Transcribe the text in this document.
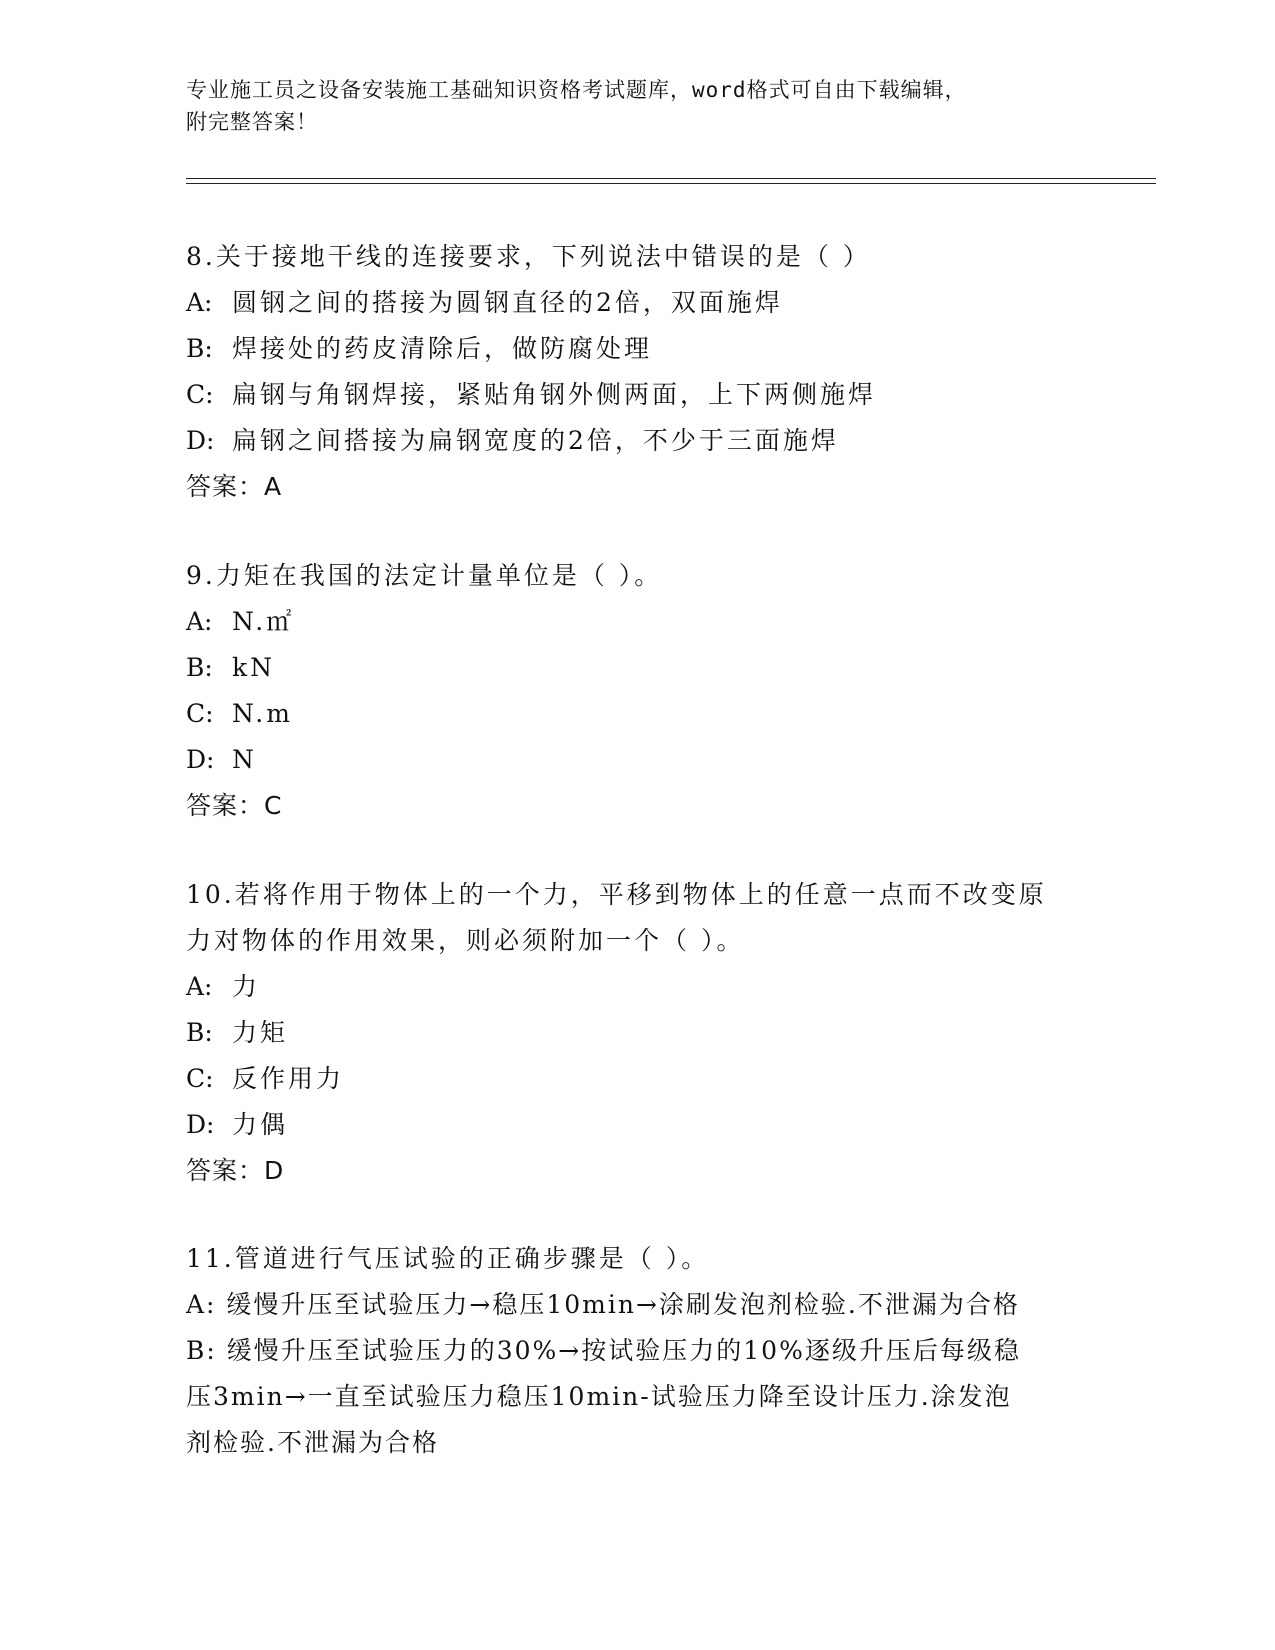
专业施工员之设备安装施工基础知识资格考试题库，word格式可自由下载编辑，
附完整答案！
8.关于接地干线的连接要求，下列说法中错误的是（ ）
A: 圆钢之间的搭接为圆钢直径的2倍，双面施焊
B: 焊接处的药皮清除后，做防腐处理
C: 扁钢与角钢焊接，紧贴角钢外侧两面，上下两侧施焊
D: 扁钢之间搭接为扁钢宽度的2倍，不少于三面施焊
答案：A
9.力矩在我国的法定计量单位是（ ）。
A: N.㎡
B: kN
C: N.m
D: N
答案：C
10.若将作用于物体上的一个力，平移到物体上的任意一点而不改变原
力对物体的作用效果，则必须附加一个（ ）。
A: 力
B: 力矩
C: 反作用力
D: 力偶
答案：D
11.管道进行气压试验的正确步骤是（ ）。
A: 缓慢升压至试验压力→稳压10min→涂刷发泡剂检验.不泄漏为合格
B: 缓慢升压至试验压力的30%→按试验压力的10%逐级升压后每级稳
压3min→一直至试验压力稳压10min-试验压力降至设计压力.涂发泡
剂检验.不泄漏为合格
